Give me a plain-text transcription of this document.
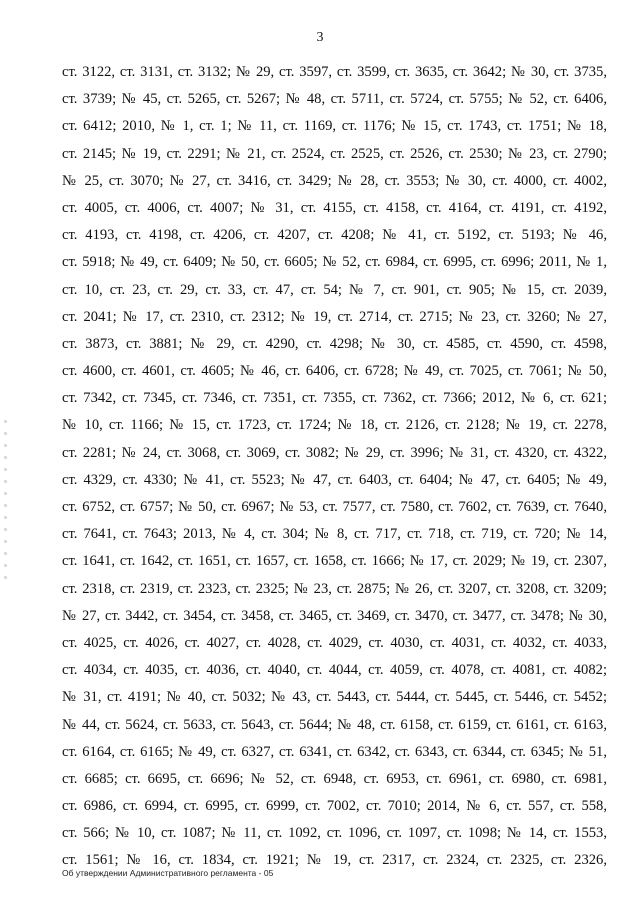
3
ст. 3122, ст. 3131, ст. 3132; № 29, ст. 3597, ст. 3599, ст. 3635, ст. 3642; № 30, ст. 3735,
ст. 3739; № 45, ст. 5265, ст. 5267; № 48, ст. 5711, ст. 5724, ст. 5755; № 52, ст. 6406,
ст. 6412; 2010, № 1, ст. 1; № 11, ст. 1169, ст. 1176; № 15, ст. 1743, ст. 1751; № 18,
ст. 2145; № 19, ст. 2291; № 21, ст. 2524, ст. 2525, ст. 2526, ст. 2530; № 23, ст. 2790;
№ 25, ст. 3070; № 27, ст. 3416, ст. 3429; № 28, ст. 3553; № 30, ст. 4000, ст. 4002,
ст. 4005, ст. 4006, ст. 4007; № 31, ст. 4155, ст. 4158, ст. 4164, ст. 4191, ст. 4192,
ст. 4193, ст. 4198, ст. 4206, ст. 4207, ст. 4208; № 41, ст. 5192, ст. 5193; № 46,
ст. 5918; № 49, ст. 6409; № 50, ст. 6605; № 52, ст. 6984, ст. 6995, ст. 6996; 2011, № 1,
ст. 10, ст. 23, ст. 29, ст. 33, ст. 47, ст. 54; № 7, ст. 901, ст. 905; № 15, ст. 2039,
ст. 2041; № 17, ст. 2310, ст. 2312; № 19, ст. 2714, ст. 2715; № 23, ст. 3260; № 27,
ст. 3873, ст. 3881; № 29, ст. 4290, ст. 4298; № 30, ст. 4585, ст. 4590, ст. 4598,
ст. 4600, ст. 4601, ст. 4605; № 46, ст. 6406, ст. 6728; № 49, ст. 7025, ст. 7061; № 50,
ст. 7342, ст. 7345, ст. 7346, ст. 7351, ст. 7355, ст. 7362, ст. 7366; 2012, № 6, ст. 621;
№ 10, ст. 1166; № 15, ст. 1723, ст. 1724; № 18, ст. 2126, ст. 2128; № 19, ст. 2278,
ст. 2281; № 24, ст. 3068, ст. 3069, ст. 3082; № 29, ст. 3996; № 31, ст. 4320, ст. 4322,
ст. 4329, ст. 4330; № 41, ст. 5523; № 47, ст. 6403, ст. 6404; № 47, ст. 6405; № 49,
ст. 6752, ст. 6757; № 50, ст. 6967; № 53, ст. 7577, ст. 7580, ст. 7602, ст. 7639, ст. 7640,
ст. 7641, ст. 7643; 2013, № 4, ст. 304; № 8, ст. 717, ст. 718, ст. 719, ст. 720; № 14,
ст. 1641, ст. 1642, ст. 1651, ст. 1657, ст. 1658, ст. 1666; № 17, ст. 2029; № 19, ст. 2307,
ст. 2318, ст. 2319, ст. 2323, ст. 2325; № 23, ст. 2875; № 26, ст. 3207, ст. 3208, ст. 3209;
№ 27, ст. 3442, ст. 3454, ст. 3458, ст. 3465, ст. 3469, ст. 3470, ст. 3477, ст. 3478; № 30,
ст. 4025, ст. 4026, ст. 4027, ст. 4028, ст. 4029, ст. 4030, ст. 4031, ст. 4032, ст. 4033,
ст. 4034, ст. 4035, ст. 4036, ст. 4040, ст. 4044, ст. 4059, ст. 4078, ст. 4081, ст. 4082;
№ 31, ст. 4191; № 40, ст. 5032; № 43, ст. 5443, ст. 5444, ст. 5445, ст. 5446, ст. 5452;
№ 44, ст. 5624, ст. 5633, ст. 5643, ст. 5644; № 48, ст. 6158, ст. 6159, ст. 6161, ст. 6163,
ст. 6164, ст. 6165; № 49, ст. 6327, ст. 6341, ст. 6342, ст. 6343, ст. 6344, ст. 6345; № 51,
ст. 6685; ст. 6695, ст. 6696; № 52, ст. 6948, ст. 6953, ст. 6961, ст. 6980, ст. 6981,
ст. 6986, ст. 6994, ст. 6995, ст. 6999, ст. 7002, ст. 7010; 2014, № 6, ст. 557, ст. 558,
ст. 566; № 10, ст. 1087; № 11, ст. 1092, ст. 1096, ст. 1097, ст. 1098; № 14, ст. 1553,
ст. 1561; № 16, ст. 1834, ст. 1921; № 19, ст. 2317, ст. 2324, ст. 2325, ст. 2326,
Об утверждении Административного регламента - 05
